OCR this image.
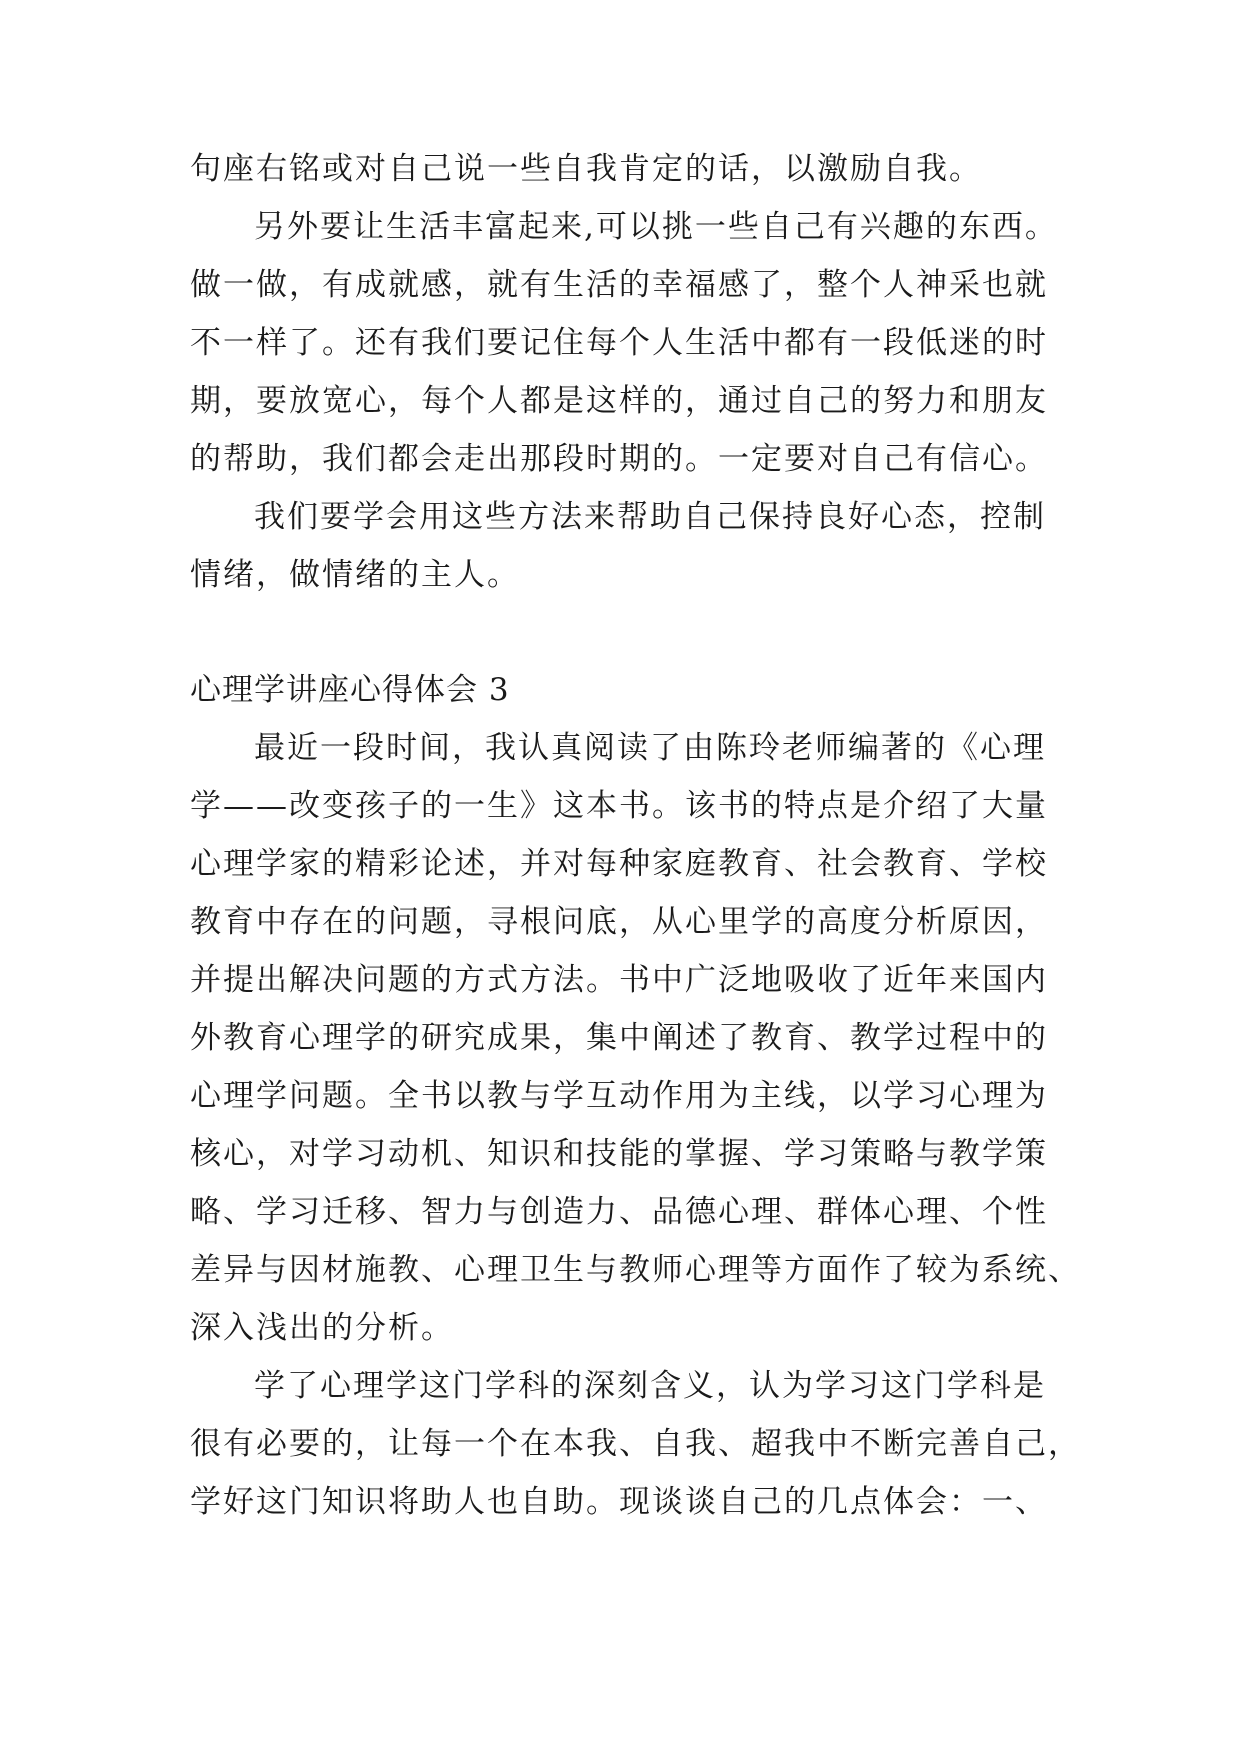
句座右铭或对自己说一些自我肯定的话，以激励自我。
另外要让生活丰富起来,可以挑一些自己有兴趣的东西。
做一做，有成就感，就有生活的幸福感了，整个人神采也就
不一样了。还有我们要记住每个人生活中都有一段低迷的时
期，要放宽心，每个人都是这样的，通过自己的努力和朋友
的帮助，我们都会走出那段时期的。一定要对自己有信心。
我们要学会用这些方法来帮助自己保持良好心态，控制
情绪，做情绪的主人。
心理学讲座心得体会 3
最近一段时间，我认真阅读了由陈玲老师编著的《心理
学——改变孩子的一生》这本书。该书的特点是介绍了大量
心理学家的精彩论述，并对每种家庭教育、社会教育、学校
教育中存在的问题，寻根问底，从心里学的高度分析原因，
并提出解决问题的方式方法。书中广泛地吸收了近年来国内
外教育心理学的研究成果，集中阐述了教育、教学过程中的
心理学问题。全书以教与学互动作用为主线，以学习心理为
核心，对学习动机、知识和技能的掌握、学习策略与教学策
略、学习迁移、智力与创造力、品德心理、群体心理、个性
差异与因材施教、心理卫生与教师心理等方面作了较为系统、
深入浅出的分析。
学了心理学这门学科的深刻含义，认为学习这门学科是
很有必要的，让每一个在本我、自我、超我中不断完善自己，
学好这门知识将助人也自助。现谈谈自己的几点体会：一、
